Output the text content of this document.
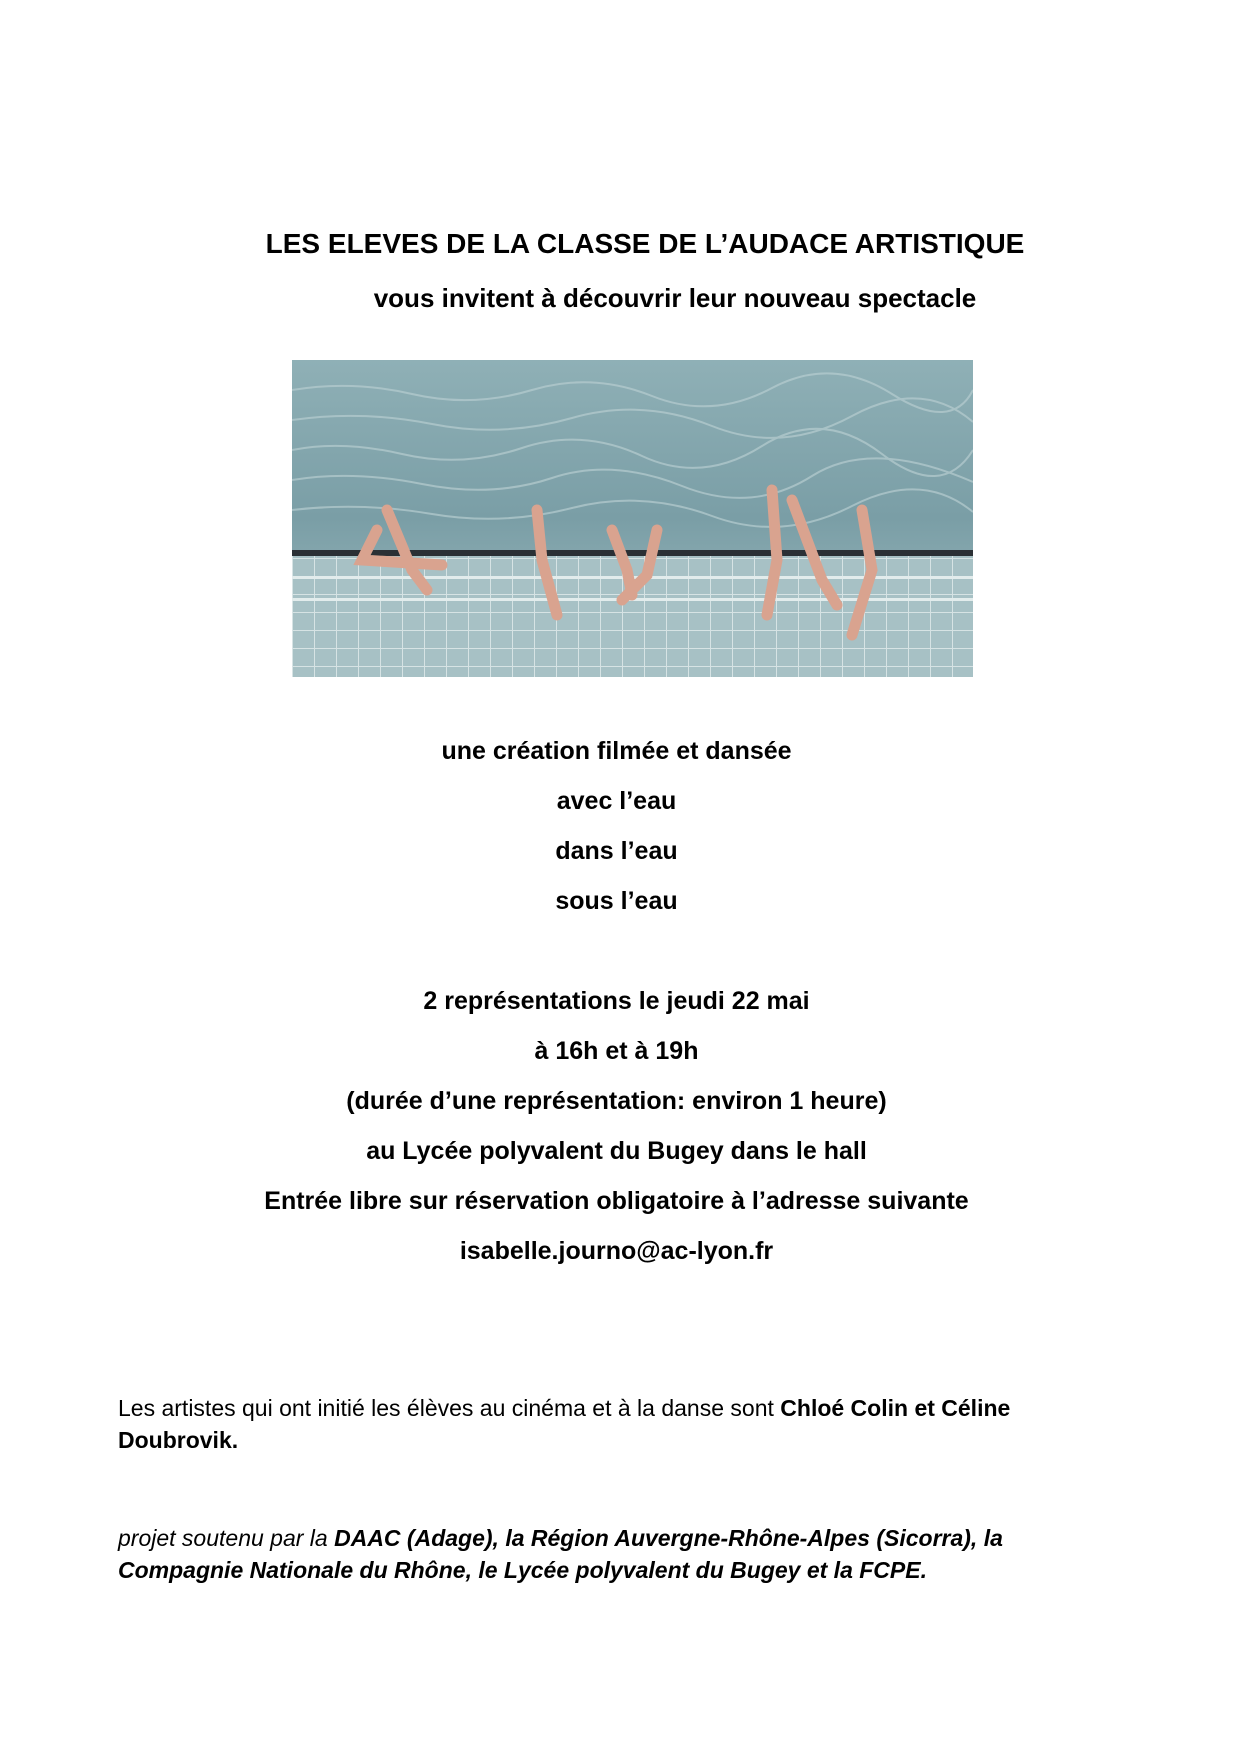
LES ELEVES DE LA CLASSE DE L’AUDACE ARTISTIQUE
vous invitent à découvrir leur nouveau spectacle
une création filmée et dansée
avec l’eau
dans l’eau
sous l’eau
2 représentations le jeudi 22 mai
à 16h et à 19h
(durée d’une représentation: environ 1 heure)
au Lycée polyvalent du Bugey dans le hall
Entrée libre sur réservation obligatoire à l’adresse suivante
isabelle.journo@ac-lyon.fr
Les artistes qui ont initié les élèves au cinéma et à la danse sont Chloé Colin et Céline Doubrovik.
projet soutenu par la DAAC (Adage), la Région Auvergne-Rhône-Alpes (Sicorra), la Compagnie Nationale du Rhône, le Lycée polyvalent du Bugey et la FCPE.
